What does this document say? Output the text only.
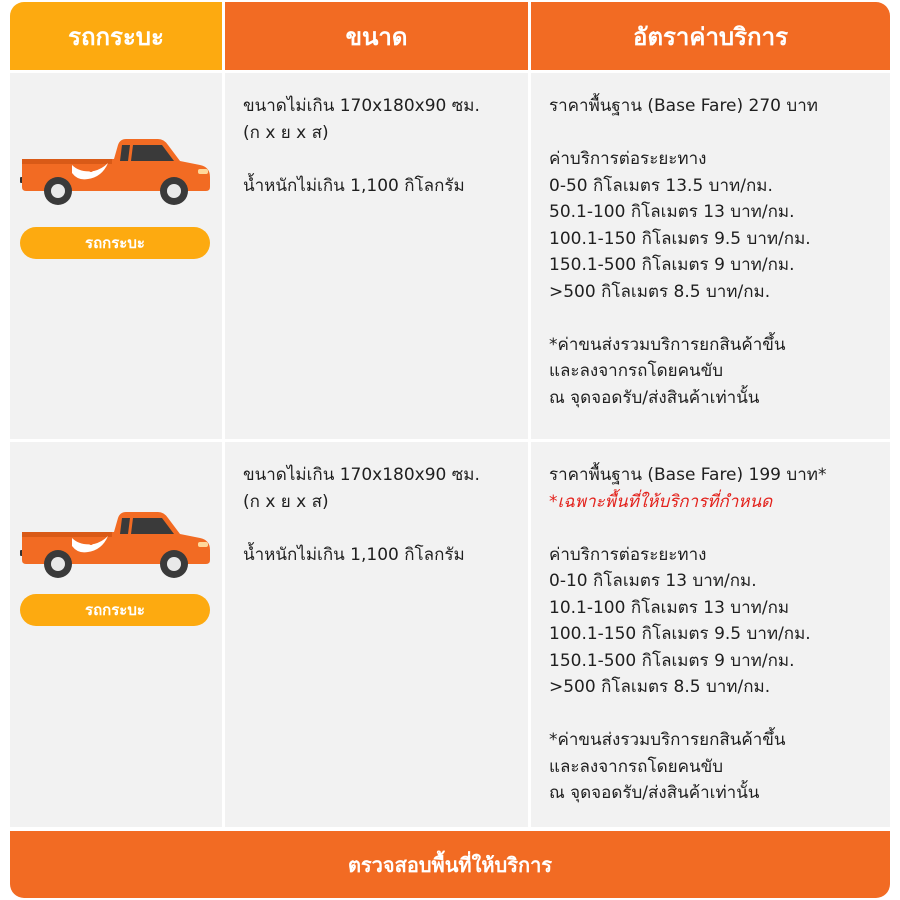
รถกระบะ	ขนาด	อัตราค่าบริการ
รถกระบะ
ขนาดไม่เกิน 170x180x90 ซม.
(ก x ย x ส)
น้ำหนักไม่เกิน 1,100 กิโลกรัม
ราคาพื้นฐาน (Base Fare) 270 บาท
ค่าบริการต่อระยะทาง
0-50 กิโลเมตร 13.5 บาท/กม.
50.1-100 กิโลเมตร 13 บาท/กม.
100.1-150 กิโลเมตร 9.5 บาท/กม.
150.1-500 กิโลเมตร 9 บาท/กม.
>500 กิโลเมตร 8.5 บาท/กม.
*ค่าขนส่งรวมบริการยกสินค้าขึ้น
และลงจากรถโดยคนขับ
ณ จุดจอดรับ/ส่งสินค้าเท่านั้น
รถกระบะ
ขนาดไม่เกิน 170x180x90 ซม.
(ก x ย x ส)
น้ำหนักไม่เกิน 1,100 กิโลกรัม
ราคาพื้นฐาน (Base Fare) 199 บาท*
*เฉพาะพื้นที่ให้บริการที่กำหนด
ค่าบริการต่อระยะทาง
0-10 กิโลเมตร 13 บาท/กม.
10.1-100 กิโลเมตร 13 บาท/กม
100.1-150 กิโลเมตร 9.5 บาท/กม.
150.1-500 กิโลเมตร 9 บาท/กม.
>500 กิโลเมตร 8.5 บาท/กม.
*ค่าขนส่งรวมบริการยกสินค้าขึ้น
และลงจากรถโดยคนขับ
ณ จุดจอดรับ/ส่งสินค้าเท่านั้น
ตรวจสอบพื้นที่ให้บริการ
